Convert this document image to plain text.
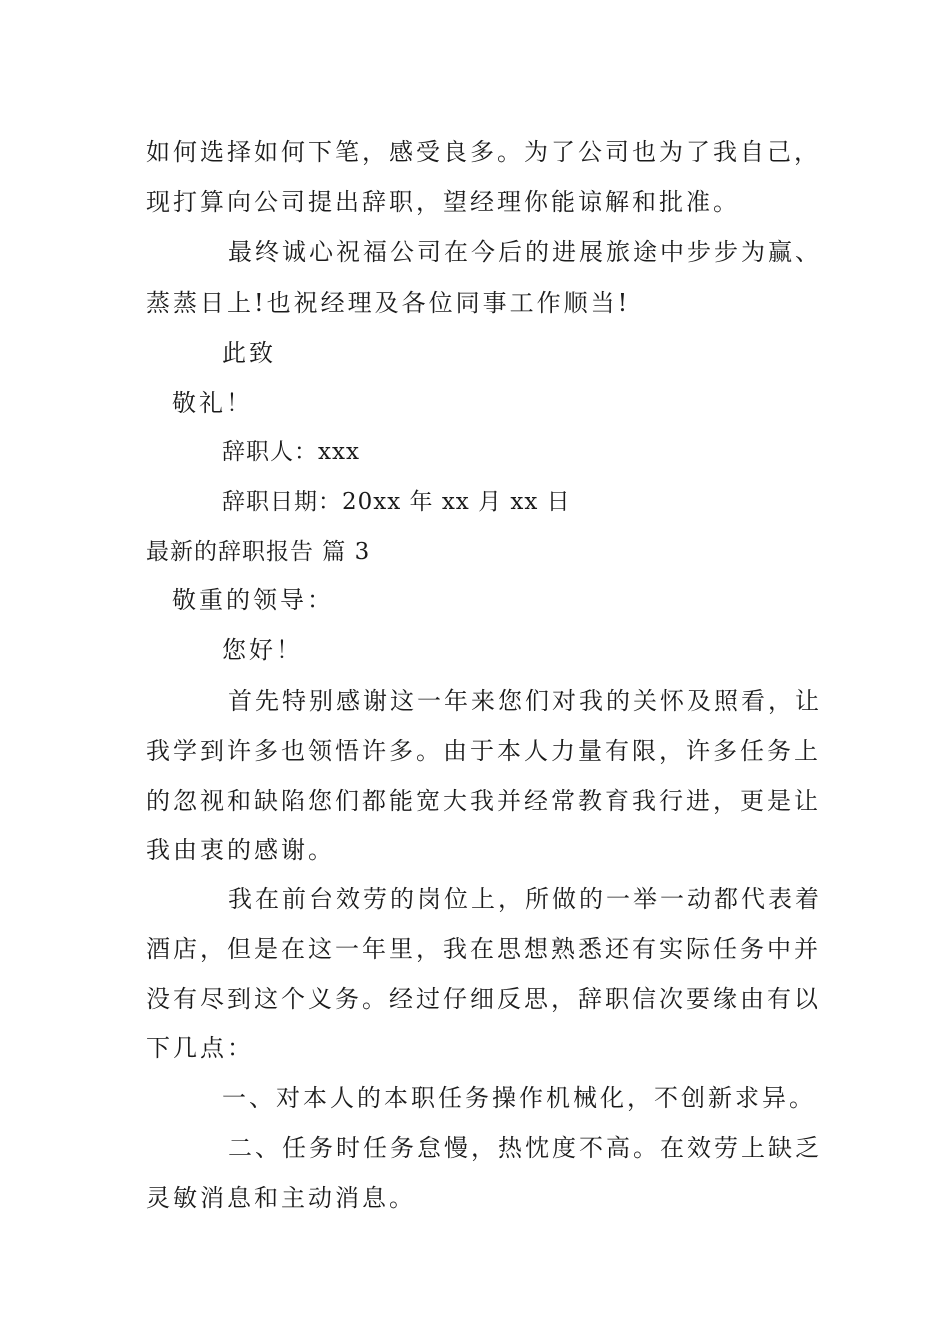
如何选择如何下笔，感受良多。为了公司也为了我自己，
现打算向公司提出辞职，望经理你能谅解和批准。
最终诚心祝福公司在今后的进展旅途中步步为赢、
蒸蒸日上!也祝经理及各位同事工作顺当!
此致
敬礼！
辞职人：xxx
辞职日期：20xx 年 xx 月 xx 日
最新的辞职报告 篇 3
敬重的领导：
您好！
首先特别感谢这一年来您们对我的关怀及照看，让
我学到许多也领悟许多。由于本人力量有限，许多任务上
的忽视和缺陷您们都能宽大我并经常教育我行进，更是让
我由衷的感谢。
我在前台效劳的岗位上，所做的一举一动都代表着
酒店，但是在这一年里，我在思想熟悉还有实际任务中并
没有尽到这个义务。经过仔细反思，辞职信次要缘由有以
下几点：
一、对本人的本职任务操作机械化，不创新求异。
二、任务时任务怠慢，热忱度不高。在效劳上缺乏
灵敏消息和主动消息。
